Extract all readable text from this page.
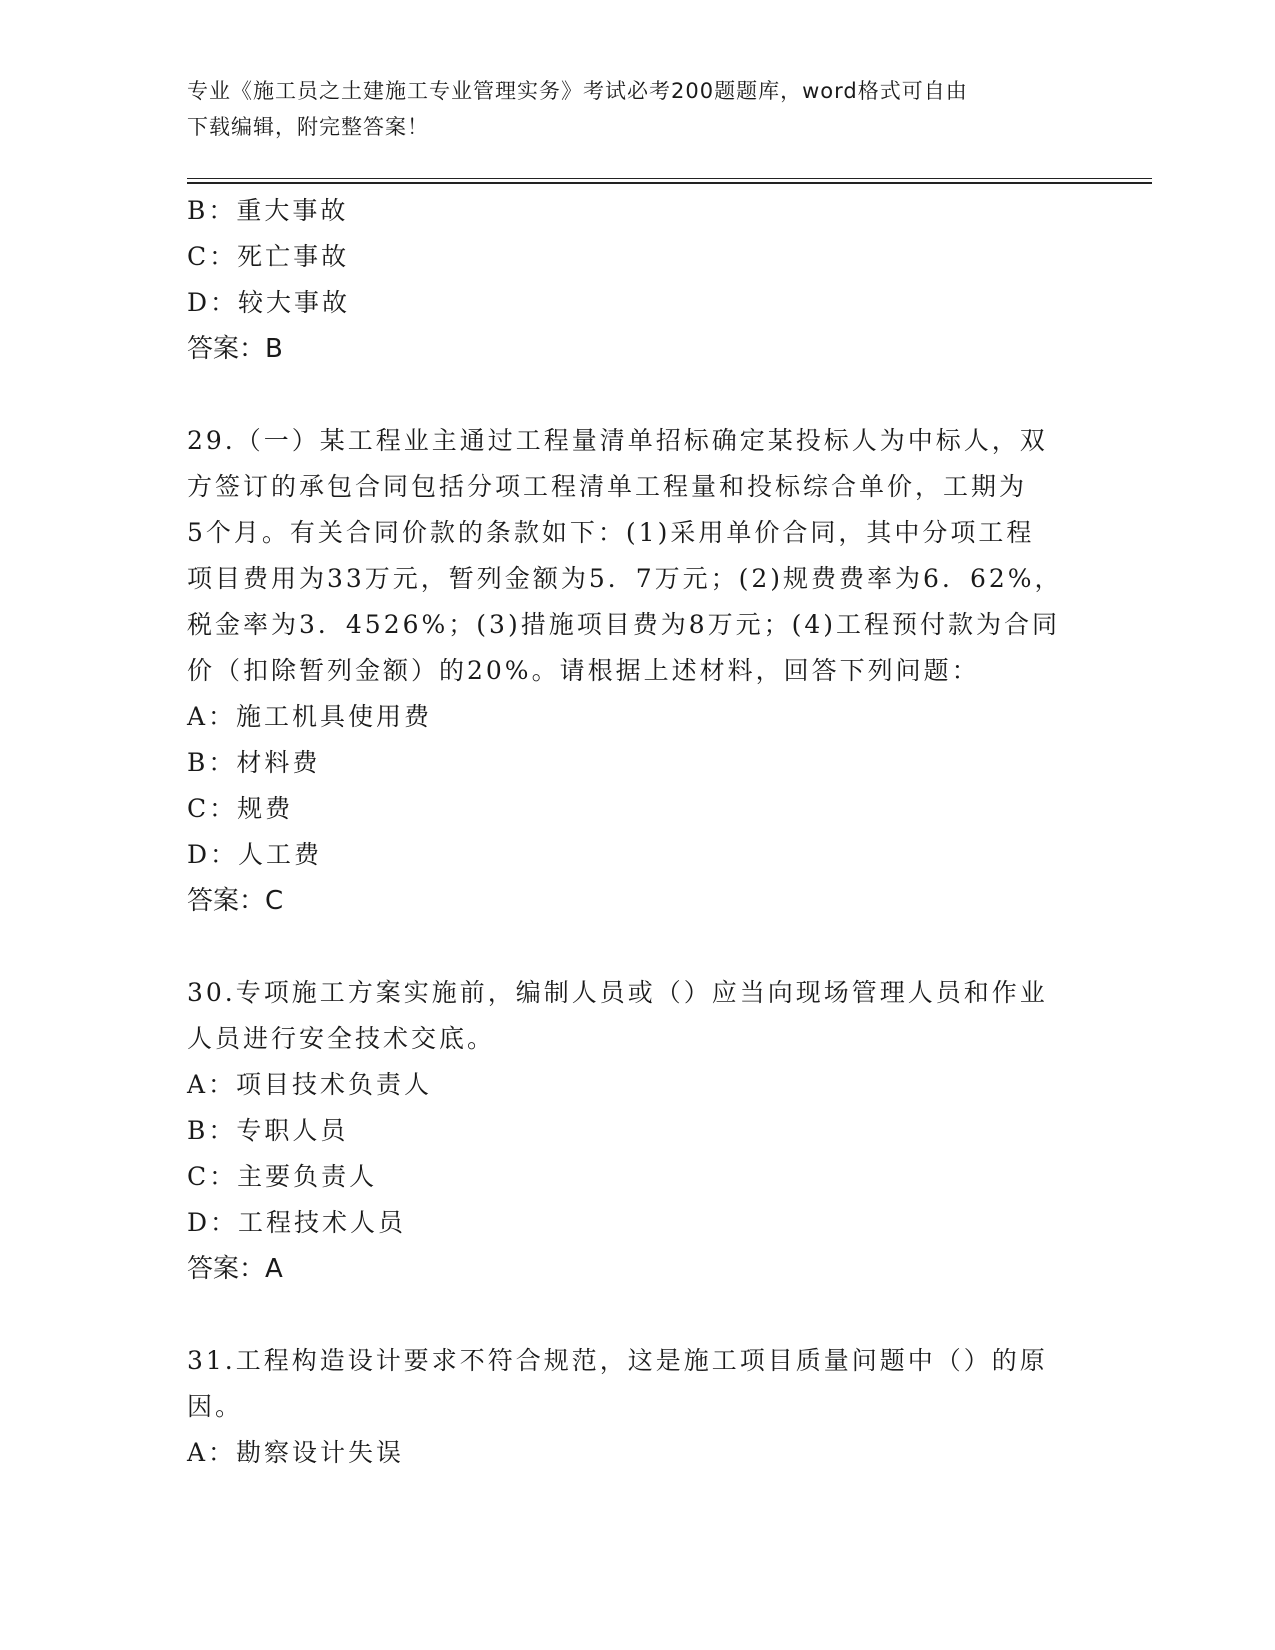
专业《施工员之土建施工专业管理实务》考试必考200题题库，word格式可自由
下载编辑，附完整答案！
B：重大事故
C：死亡事故
D：较大事故
答案：B
29.（一）某工程业主通过工程量清单招标确定某投标人为中标人，双
方签订的承包合同包括分项工程清单工程量和投标综合单价，工期为
5个月。有关合同价款的条款如下：(1)采用单价合同，其中分项工程
项目费用为33万元，暂列金额为5．7万元；(2)规费费率为6．62%，
税金率为3．4526%；(3)措施项目费为8万元；(4)工程预付款为合同
价（扣除暂列金额）的20%。请根据上述材料，回答下列问题：
A：施工机具使用费
B：材料费
C：规费
D：人工费
答案：C
30.专项施工方案实施前，编制人员或（）应当向现场管理人员和作业
人员进行安全技术交底。
A：项目技术负责人
B：专职人员
C：主要负责人
D：工程技术人员
答案：A
31.工程构造设计要求不符合规范，这是施工项目质量问题中（）的原
因。
A：勘察设计失误
